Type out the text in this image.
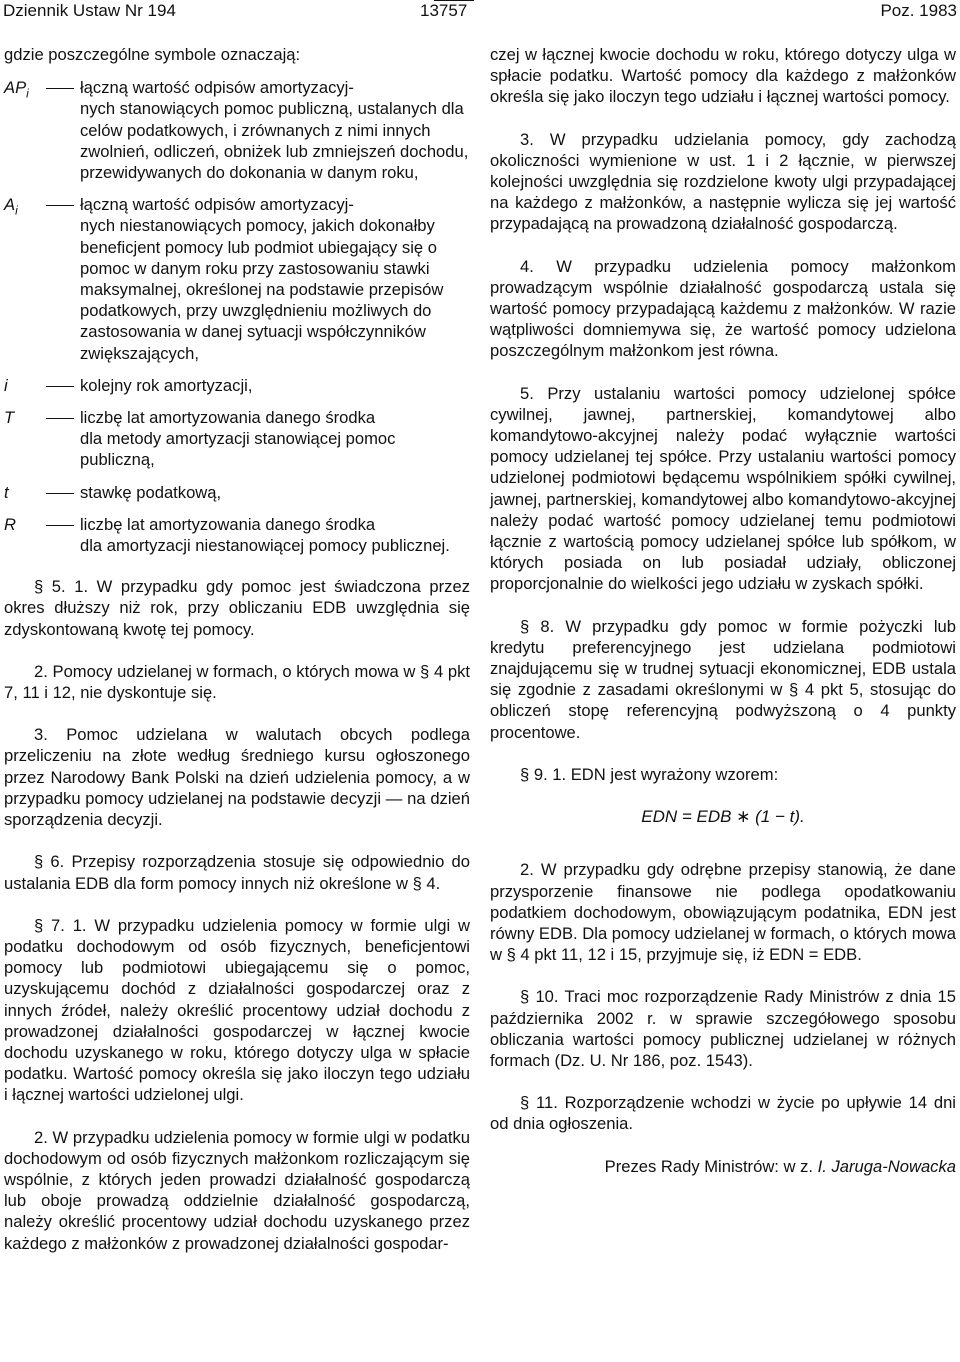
Dziennik Ustaw Nr 194	13757	Poz. 1983

gdzie poszczególne symbole oznaczają:

$AP_i$	łączną wartość odpisów amortyzacyj-
nych stanowiących pomoc publiczną, ustalanych dla celów podatkowych, i zrównanych z nimi innych zwolnień, odliczeń, obniżek lub zmniejszeń dochodu, przewidywanych do dokonania w danym roku,
$A_i$	łączną wartość odpisów amortyzacyj-
nych niestanowiących pomocy, jakich dokonałby beneficjent pomocy lub podmiot ubiegający się o pomoc w danym roku przy zastosowaniu stawki maksymalnej, określonej na podstawie przepisów podatkowych, przy uwzględnieniu możliwych do zastosowania w danej sytuacji współczynników zwiększających,
i	kolejny rok amortyzacji,
T	liczbę lat amortyzowania danego środka
dla metody amortyzacji stanowiącej pomoc publiczną,
t	stawkę podatkową,
R	liczbę lat amortyzowania danego środka
dla amortyzacji niestanowiącej pomocy publicznej.

§ 5. 1. W przypadku gdy pomoc jest świadczona przez okres dłuższy niż rok, przy obliczaniu EDB uwzględnia się zdyskontowaną kwotę tej pomocy.

2. Pomocy udzielanej w formach, o których mowa w § 4 pkt 7, 11 i 12, nie dyskontuje się.

3. Pomoc udzielana w walutach obcych podlega przeliczeniu na złote według średniego kursu ogłoszonego przez Narodowy Bank Polski na dzień udzielenia pomocy, a w przypadku pomocy udzielanej na podstawie decyzji — na dzień sporządzenia decyzji.

§ 6. Przepisy rozporządzenia stosuje się odpowiednio do ustalania EDB dla form pomocy innych niż określone w § 4.

§ 7. 1. W przypadku udzielenia pomocy w formie ulgi w podatku dochodowym od osób fizycznych, beneficjentowi pomocy lub podmiotowi ubiegającemu się o pomoc, uzyskującemu dochód z działalności gospodarczej oraz z innych źródeł, należy określić procentowy udział dochodu z prowadzonej działalności gospodarczej w łącznej kwocie dochodu uzyskanego w roku, którego dotyczy ulga w spłacie podatku. Wartość pomocy określa się jako iloczyn tego udziału i łącznej wartości udzielonej ulgi.

2. W przypadku udzielenia pomocy w formie ulgi w podatku dochodowym od osób fizycznych małżonkom rozliczającym się wspólnie, z których jeden prowadzi działalność gospodarczą lub oboje prowadzą oddzielnie działalność gospodarczą, należy określić procentowy udział dochodu uzyskanego przez każdego z małżonków z prowadzonej działalności gospodar-

czej w łącznej kwocie dochodu w roku, którego dotyczy ulga w spłacie podatku. Wartość pomocy dla każdego z małżonków określa się jako iloczyn tego udziału i łącznej wartości pomocy.

3. W przypadku udzielania pomocy, gdy zachodzą okoliczności wymienione w ust. 1 i 2 łącznie, w pierwszej kolejności uwzględnia się rozdzielone kwoty ulgi przypadającej na każdego z małżonków, a następnie wylicza się jej wartość przypadającą na prowadzoną działalność gospodarczą.

4. W przypadku udzielenia pomocy małżonkom prowadzącym wspólnie działalność gospodarczą ustala się wartość pomocy przypadającą każdemu z małżonków. W razie wątpliwości domniemywa się, że wartość pomocy udzielona poszczególnym małżonkom jest równa.

5. Przy ustalaniu wartości pomocy udzielonej spółce cywilnej, jawnej, partnerskiej, komandytowej albo komandytowo-akcyjnej należy podać wyłącznie wartości pomocy udzielanej tej spółce. Przy ustalaniu wartości pomocy udzielonej podmiotowi będącemu wspólnikiem spółki cywilnej, jawnej, partnerskiej, komandytowej albo komandytowo-akcyjnej należy podać wartość pomocy udzielanej temu podmiotowi łącznie z wartością pomocy udzielanej spółce lub spółkom, w których posiada on lub posiadał udziały, obliczonej proporcjonalnie do wielkości jego udziału w zyskach spółki.

§ 8. W przypadku gdy pomoc w formie pożyczki lub kredytu preferencyjnego jest udzielana podmiotowi znajdującemu się w trudnej sytuacji ekonomicznej, EDB ustala się zgodnie z zasadami określonymi w § 4 pkt 5, stosując do obliczeń stopę referencyjną podwyższoną o 4 punkty procentowe.

§ 9. 1. EDN jest wyrażony wzorem:

EDN = EDB ∗ (1 − t).

2. W przypadku gdy odrębne przepisy stanowią, że dane przysporzenie finansowe nie podlega opodatkowaniu podatkiem dochodowym, obowiązującym podatnika, EDN jest równy EDB. Dla pomocy udzielanej w formach, o których mowa w § 4 pkt 11, 12 i 15, przyjmuje się, iż EDN = EDB.

§ 10. Traci moc rozporządzenie Rady Ministrów z dnia 15 października 2002 r. w sprawie szczegółowego sposobu obliczania wartości pomocy publicznej udzielanej w różnych formach (Dz. U. Nr 186, poz. 1543).

§ 11. Rozporządzenie wchodzi w życie po upływie 14 dni od dnia ogłoszenia.

Prezes Rady Ministrów: w z. I. Jaruga-Nowacka
